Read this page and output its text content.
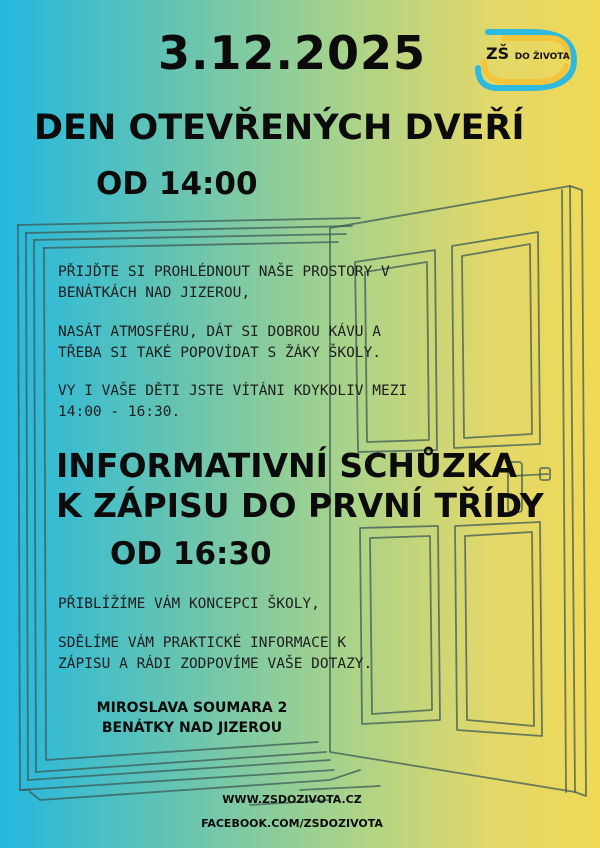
ZŠ DO ŽIVOTA
3.12.2025
DEN OTEVŘENÝCH DVEŘÍ
OD 14:00
PŘIJĎTE SI PROHLÉDNOUT NAŠE PROSTORY V
BENÁTKÁCH NAD JIZEROU,
NASÁT ATMOSFÉRU, DÁT SI DOBROU KÁVU A
TŘEBA SI TAKÉ POPOVÍDAT S ŽÁKY ŠKOLY.
VY I VAŠE DĚTI JSTE VÍTÁNI KDYKOLIV MEZI
14:00 - 16:30.
INFORMATIVNÍ SCHŮZKA
K ZÁPISU DO PRVNÍ TŘÍDY
OD 16:30
PŘIBLÍŽÍME VÁM KONCEPCI ŠKOLY,
SDĚLÍME VÁM PRAKTICKÉ INFORMACE K
ZÁPISU A RÁDI ZODPOVÍME VAŠE DOTAZY.
MIROSLAVA SOUMARA 2
BENÁTKY NAD JIZEROU
WWW.ZSDOZIVOTA.CZ
FACEBOOK.COM/ZSDOZIVOTA
